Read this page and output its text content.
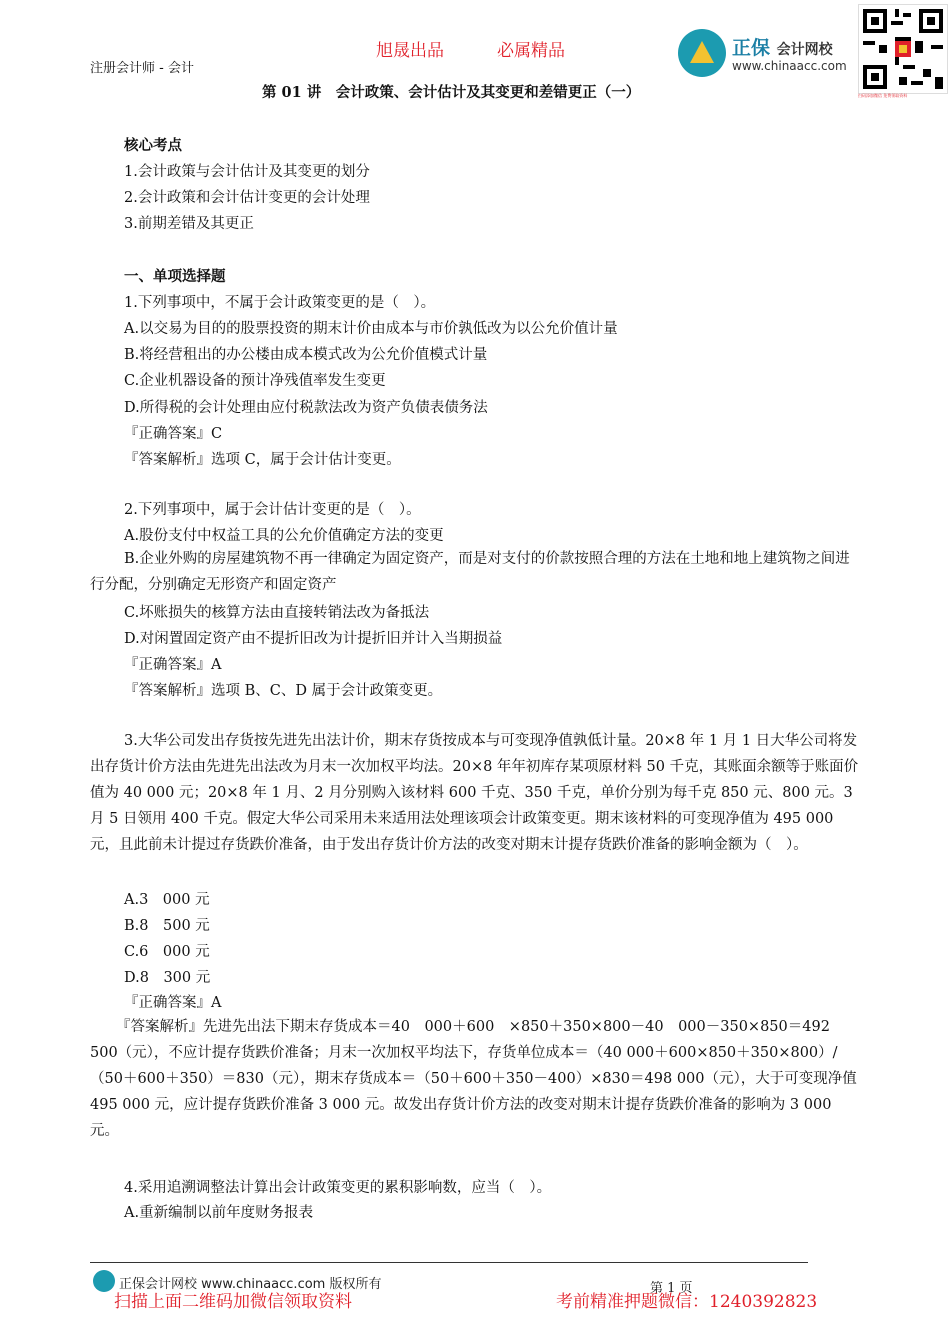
注册会计师 - 会计
旭晟出品	必属精品	正保 会计网校
www.chinaacc.com
扫码添加微信 免费领取资料
第 01 讲　会计政策、会计估计及其变更和差错更正（一）
核心考点
1.会计政策与会计估计及其变更的划分
2.会计政策和会计估计变更的会计处理
3.前期差错及其更正
一、单项选择题
1.下列事项中，不属于会计政策变更的是（　）。
A.以交易为目的的股票投资的期末计价由成本与市价孰低改为以公允价值计量
B.将经营租出的办公楼由成本模式改为公允价值模式计量
C.企业机器设备的预计净残值率发生变更
D.所得税的会计处理由应付税款法改为资产负债表债务法
『正确答案』C
『答案解析』选项 C，属于会计估计变更。
2.下列事项中，属于会计估计变更的是（　）。
A.股份支付中权益工具的公允价值确定方法的变更
B.企业外购的房屋建筑物不再一律确定为固定资产，而是对支付的价款按照合理的方法在土地和地上建筑物之间进行分配，分别确定无形资产和固定资产
C.坏账损失的核算方法由直接转销法改为备抵法
D.对闲置固定资产由不提折旧改为计提折旧并计入当期损益
『正确答案』A
『答案解析』选项 B、C、D 属于会计政策变更。
3.大华公司发出存货按先进先出法计价，期末存货按成本与可变现净值孰低计量。20×8 年 1 月 1 日大华公司将发出存货计价方法由先进先出法改为月末一次加权平均法。20×8 年年初库存某项原材料 50 千克，其账面余额等于账面价值为 40 000 元；20×8 年 1 月、2 月分别购入该材料 600 千克、350 千克，单价分别为每千克 850 元、800 元。3 月 5 日领用 400 千克。假定大华公司采用未来适用法处理该项会计政策变更。期末该材料的可变现净值为 495 000 元，且此前未计提过存货跌价准备，由于发出存货计价方法的改变对期末计提存货跌价准备的影响金额为（　）。
A.3　000 元
B.8　500 元
C.6　000 元
D.8　300 元
『正确答案』A
『答案解析』先进先出法下期末存货成本＝40　000＋600　×850＋350×800－40　000－350×850＝492　500（元），不应计提存货跌价准备；月末一次加权平均法下，存货单位成本＝（40 000＋600×850＋350×800）/（50＋600＋350）＝830（元），期末存货成本＝（50＋600＋350－400）×830＝498 000（元），大于可变现净值 495 000 元，应计提存货跌价准备 3 000 元。故发出存货计价方法的改变对期末计提存货跌价准备的影响为 3 000 元。
4.采用追溯调整法计算出会计政策变更的累积影响数，应当（　）。
A.重新编制以前年度财务报表
正保会计网校 www.chinaacc.com 版权所有	第 1 页
扫描上面二维码加微信领取资料	考前精准押题微信：1240392823
